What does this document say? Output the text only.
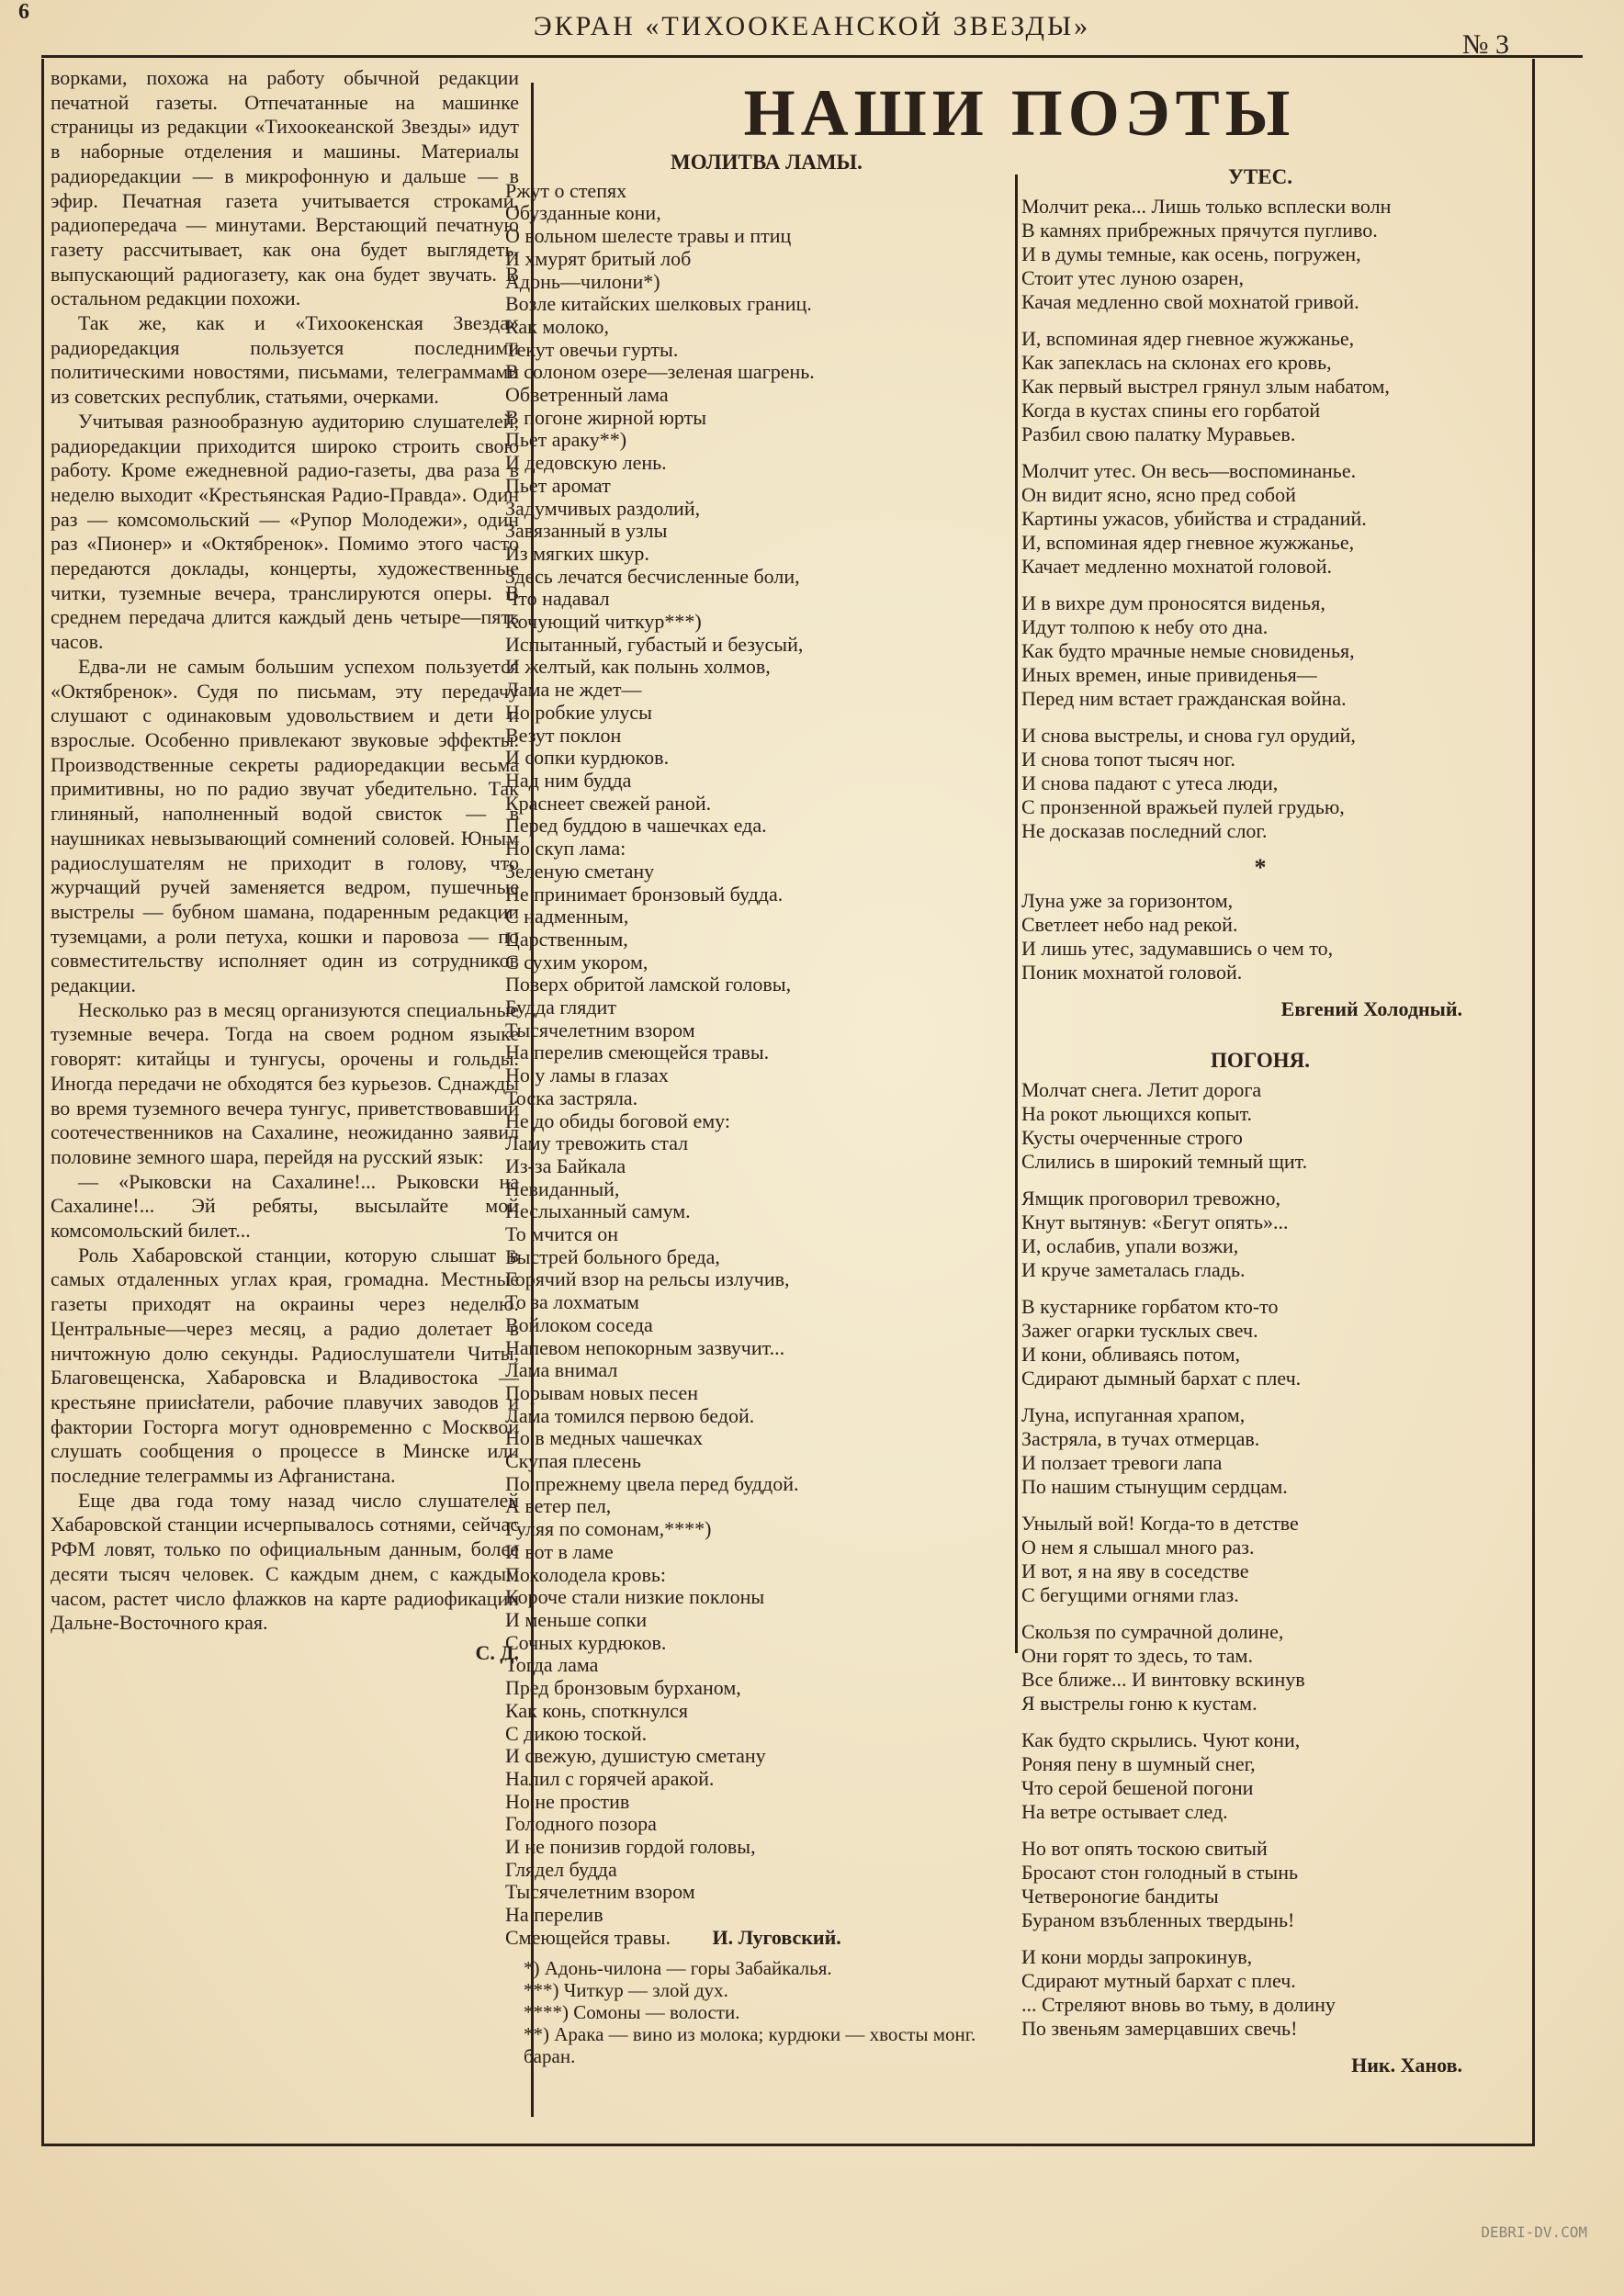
6	ЭКРАН «ТИХООКЕАНСКОЙ ЗВЕЗДЫ»
№ 3

ворками, похожа на работу обычной редакции печатной газеты. Отпечатанные на машинке страницы из редакции «Тихоокеанской Звезды» идут в наборные отделения и машины. Материалы радиоредакции — в микрофонную и дальше — в эфир. Печатная газета учитывается строками, радиопередача — минутами. Верстающий печатную газету рассчитывает, как она будет выглядеть, выпускающий радиогазету, как она будет звучать. В остальном редакции похожи.

Так же, как и «Тихоокенская Звезда» радиоредакция пользуется последними политическими новостями, письмами, телеграммами из советских республик, статьями, очерками.

Учитывая разнообразную аудиторию слушателей, радиоредакции приходится широко строить свою работу. Кроме ежедневной радио-газеты, два раза в неделю выходит «Крестьянская Радио-Правда». Один раз — комсомольский — «Рупор Молодежи», один раз «Пионер» и «Октябренок». Помимо этого часто передаются доклады, концерты, художественные читки, туземные вечера, транслируются оперы. В среднем передача длится каждый день четыре—пять часов.

Едва-ли не самым большим успехом пользуется «Октябренок». Судя по письмам, эту передачу слушают с одинаковым удовольствием и дети и взрослые. Особенно привлекают звуковые эффекты. Производственные секреты радиоредакции весьма примитивны, но по радио звучат убедительно. Так глиняный, наполненный водой свисток — в наушниках невызывающий сомнений соловей. Юным радиослушателям не приходит в голову, что журчащий ручей заменяется ведром, пушечные выстрелы — бубном шамана, подаренным редакции туземцами, а роли петуха, кошки и паровоза — по совместительству исполняет один из сотрудников редакции.

Несколько раз в месяц организуются специальные туземные вечера. Тогда на своем родном языке говорят: китайцы и тунгусы, орочены и гольды. Иногда передачи не обходятся без курьезов. Сднажды во время туземного вечера тунгус, приветствовавший соотечественников на Сахалине, неожиданно заявил половине земного шара, перейдя на русский язык:

— «Рыковски на Сахалине!... Рыковски на Сахалине!... Эй ребяты, высылайте мой комсомольский билет...

Роль Хабаровской станции, которую слышат в самых отдаленных углах края, громадна. Местные газеты приходят на окраины через неделю. Центральные—через месяц, а радио долетает в ничтожную долю секунды. Радиослушатели Читы, Благовещенска, Хабаровска и Владивостока — крестьяне приисłатели, рабочие плавучих заводов и фактории Госторга могут одновременно с Москвой слушать сообщения о процессе в Минске или последние телеграммы из Афганистана.

Еще два года тому назад число слушателей Хабаровской станции исчерпывалось сотнями, сейчас РФМ ловят, только по официальным данным, более десяти тысяч человек. С каждым днем, с каждым часом, растет число флажков на карте радиофикации Дальне-Восточного края.

С. Д.
НАШИ ПОЭТЫ
МОЛИТВА ЛАМЫ.
Ржут о степях
Обузданные кони,
О вольном шелесте травы и птиц
И хмурят бритый лоб
Адонь—чилони*)
Возле китайских шелковых границ.
Как молоко,
Текут овечьи гурты.
В солоном озере—зеленая шагрень.
Обветренный лама
В погоне жирной юрты
Пьет араку**)
И дедовскую лень.
Пьет аромат
Задумчивых раздолий,
Завязанный в узлы
Из мягких шкур.
Здесь лечатся бесчисленные боли,
Что надавал
Кочующий читкур***)
Испытанный, губастый и безусый,
И желтый, как полынь холмов,
Лама не ждет—
Но робкие улусы
Везут поклон
И сопки курдюков.
Над ним будда
Краснеет свежей раной.
Перед буддою в чашечках еда.
Но скуп лама:
Зеленую сметану
Не принимает бронзовый будда.
С надменным,
Царственным,
С сухим укором,
Поверх обритой ламской головы,
Будда глядит
Тысячелетним взором
На перелив смеющейся травы.
Но у ламы в глазах
Тоска застряла.
Не до обиды боговой ему:
Ламу тревожить стал
Из-за Байкала
Невиданный,
Неслыханный самум.
То мчится он
Быстрей больного бреда,
Горячий взор на рельсы излучив,
То за лохматым
Войлоком соседа
Напевом непокорным зазвучит...
Лама внимал
Порывам новых песен
Лама томился первою бедой.
Но в медных чашечках
Скупая плесень
По прежнему цвела перед буддой.
А ветер пел,
Гуляя по сомонам,****)
И вот в ламе
Похолодела кровь:
Короче стали низкие поклоны
И меньше сопки
Сочных курдюков.
Тогда лама
Пред бронзовым бурханом,
Как конь, споткнулся
С дикою тоской.
И свежую, душистую сметану
Налил с горячей аракой.
Но не простив
Голодного позора
И не понизив гордой головы,
Глядел будда
Тысячелетним взором
На перелив
Смеющейся травы. И. Луговский.
*) Адонь-чилона — горы Забайкалья.
***) Читкур — злой дух.
****) Сомоны — волости.
**) Арака — вино из молока; курдюки — хвосты монг. баран.
УТЕС.
Молчит река... Лишь только всплески волн
В камнях прибрежных прячутся пугливо.
И в думы темные, как осень, погружен,
Стоит утес луною озарен,
Качая медленно свой мохнатой гривой.
И, вспоминая ядер гневное жужжанье,
Как запеклась на склонах его кровь,
Как первый выстрел грянул злым набатом,
Когда в кустах спины его горбатой
Разбил свою палатку Муравьев.
Молчит утес. Он весь—воспоминанье.
Он видит ясно, ясно пред собой
Картины ужасов, убийства и страданий.
И, вспоминая ядер гневное жужжанье,
Качает медленно мохнатой головой.
И в вихре дум проносятся виденья,
Идут толпою к небу ото дна.
Как будто мрачные немые сновиденья,
Иных времен, иные привиденья—
Перед ним встает гражданская война.
И снова выстрелы, и снова гул орудий,
И снова топот тысяч ног.
И снова падают с утеса люди,
С пронзенной вражьей пулей грудью,
Не досказав последний слог.
*
Луна уже за горизонтом,
Светлеет небо над рекой.
И лишь утес, задумавшись о чем то,
Поник мохнатой головой.
Евгений Холодный.
ПОГОНЯ.
Молчат снега. Летит дорога
На рокот льющихся копыт.
Кусты очерченные строго
Слились в широкий темный щит.
Ямщик проговорил тревожно,
Кнут вытянув: «Бегут опять»...
И, ослабив, упали возжи,
И круче заметалась гладь.
В кустарнике горбатом кто-то
Зажег огарки тусклых свеч.
И кони, обливаясь потом,
Сдирают дымный бархат с плеч.
Луна, испуганная храпом,
Застряла, в тучах отмерцав.
И ползает тревоги лапа
По нашим стынущим сердцам.
Унылый вой! Когда-то в детстве
О нем я слышал много раз.
И вот, я на яву в соседстве
С бегущими огнями глаз.
Скользя по сумрачной долине,
Они горят то здесь, то там.
Все ближе... И винтовку вскинув
Я выстрелы гоню к кустам.
Как будто скрылись. Чуют кони,
Роняя пену в шумный снег,
Что серой бешеной погони
На ветре остывает след.
Но вот опять тоскою свитый
Бросают стон голодный в стынь
Четвероногие бандиты
Бураном взъбленных твердынь!
И кони морды запрокинув,
Сдирают мутный бархат с плеч.
... Стреляют вновь во тьму, в долину
По звеньям замерцавших свечь!
Ник. Ханов.
DEBRI-DV.COM
